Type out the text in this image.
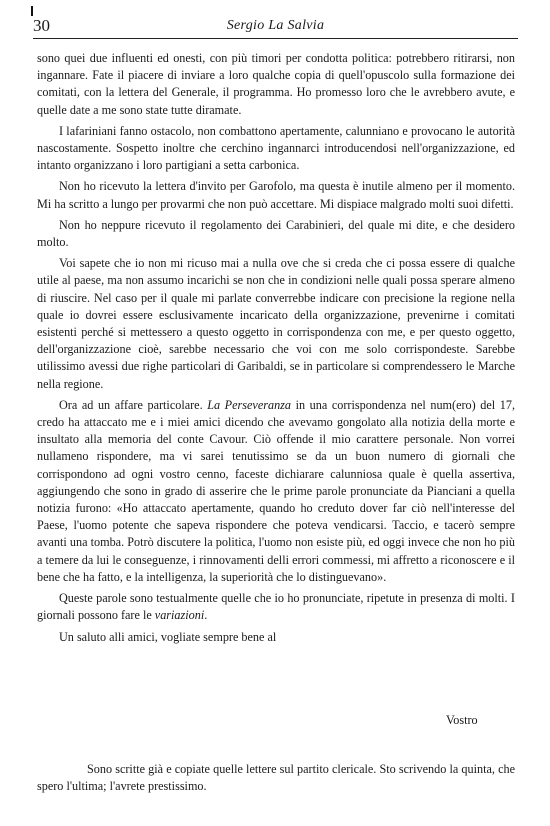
30	Sergio La Salvia

sono quei due influenti ed onesti, con più timori per condotta politica: potrebbero ritirarsi, non ingannare. Fate il piacere di inviare a loro qualche copia di quell'opuscolo sulla formazione dei comitati, con la lettera del Generale, il programma. Ho promesso loro che le avrebbero avute, e quelle date a me sono state tutte diramate.

I lafariniani fanno ostacolo, non combattono apertamente, calunniano e provocano le autorità nascostamente. Sospetto inoltre che cerchino ingannarci introducendosi nell'organizzazione, ed intanto organizzano i loro partigiani a setta carbonica.

Non ho ricevuto la lettera d'invito per Garofolo, ma questa è inutile almeno per il momento. Mi ha scritto a lungo per provarmi che non può accettare. Mi dispiace malgrado molti suoi difetti.

Non ho neppure ricevuto il regolamento dei Carabinieri, del quale mi dite, e che desidero molto.

Voi sapete che io non mi ricuso mai a nulla ove che si creda che ci possa essere di qualche utile al paese, ma non assumo incarichi se non che in condizioni nelle quali possa sperare almeno di riuscire. Nel caso per il quale mi parlate converrebbe indicare con precisione la regione nella quale io dovrei essere esclusivamente incaricato della organizzazione, prevenirne i comitati esistenti perché si mettessero a questo oggetto in corrispondenza con me, e per questo oggetto, dell'organizzazione cioè, sarebbe necessario che voi con me solo corrispondeste. Sarebbe utilissimo avessi due righe particolari di Garibaldi, se in particolare si comprendessero le Marche nella regione.

Ora ad un affare particolare. La Perseveranza in una corrispondenza nel num(ero) del 17, credo ha attaccato me e i miei amici dicendo che avevamo gongolato alla notizia della morte e insultato alla memoria del conte Cavour. Ciò offende il mio carattere personale. Non vorrei nullameno rispondere, ma vi sarei tenutissimo se da un buon numero di giornali che corrispondono ad ogni vostro cenno, faceste dichiarare calunniosa quale è quella assertiva, aggiungendo che sono in grado di asserire che le prime parole pronunciate da Pianciani a quella notizia furono: «Ho attaccato apertamente, quando ho creduto dover far ciò nell'interesse del Paese, l'uomo potente che sapeva rispondere che poteva vendicarsi. Taccio, e tacerò sempre avanti una tomba. Potrò discutere la politica, l'uomo non esiste più, ed oggi invece che non ho più a temere da lui le conseguenze, i rinnovamenti delli errori commessi, mi affretto a riconoscere e il bene che ha fatto, e la intelligenza, la superiorità che lo distinguevano».

Queste parole sono testualmente quelle che io ho pronunciate, ripetute in presenza di molti. I giornali possono fare le variazioni.

Un saluto alli amici, vogliate sempre bene al

Vostro

Sono scritte già e copiate quelle lettere sul partito clericale. Sto scrivendo la quinta, che spero l'ultima; l'avrete prestissimo.
